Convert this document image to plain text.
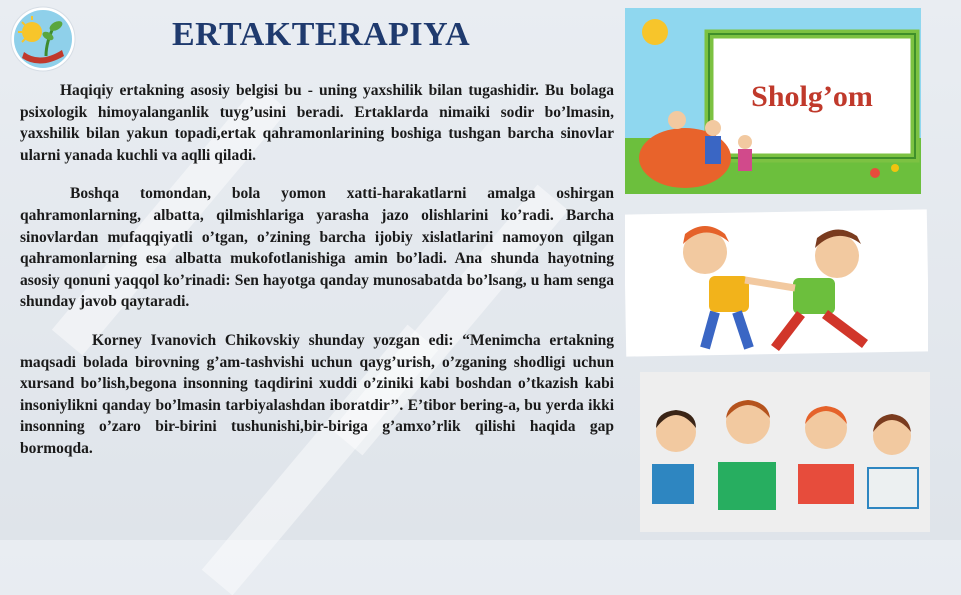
ERTAKTERAPIYA

Haqiqiy ertakning asosiy belgisi bu - uning yaxshilik bilan tugashidir. Bu bolaga psixologik himoyalanganlik tuyg’usini beradi. Ertaklarda nimaiki sodir bo’lmasin, yaxshilik bilan yakun topadi,ertak qahramonlarining boshiga tushgan barcha sinovlar ularni yanada kuchli va aqlli qiladi.

Boshqa tomondan, bola yomon xatti-harakatlarni amalga oshirgan qahramonlarning, albatta, qilmishlariga yarasha jazo olishlarini ko’radi. Barcha sinovlardan mufaqqiyatli o’tgan, o’zining barcha ijobiy xislatlarini namoyon qilgan qahramonlarning esa albatta mukofotlanishiga amin bo’ladi. Ana shunda hayotning asosiy qonuni yaqqol ko’rinadi: Sen hayotga qanday munosabatda bo’lsang, u ham senga shunday javob qaytaradi.

Korney Ivanovich Chikovskiy shunday yozgan edi: “Menimcha ertakning maqsadi bolada birovning g’am-tashvishi uchun qayg’urish, o’zganing shodligi uchun xursand bo’lish,begona insonning taqdirini xuddi o’ziniki kabi boshdan o’tkazish kabi insoniylikni qanday bo’lmasin tarbiyalashdan iboratdir’’. E’tibor bering-a, bu yerda ikki insonning o’zaro bir-birini tushunishi,bir-biriga g’amxo’rlik qilishi haqida gap bormoqda.

Sholg’om
